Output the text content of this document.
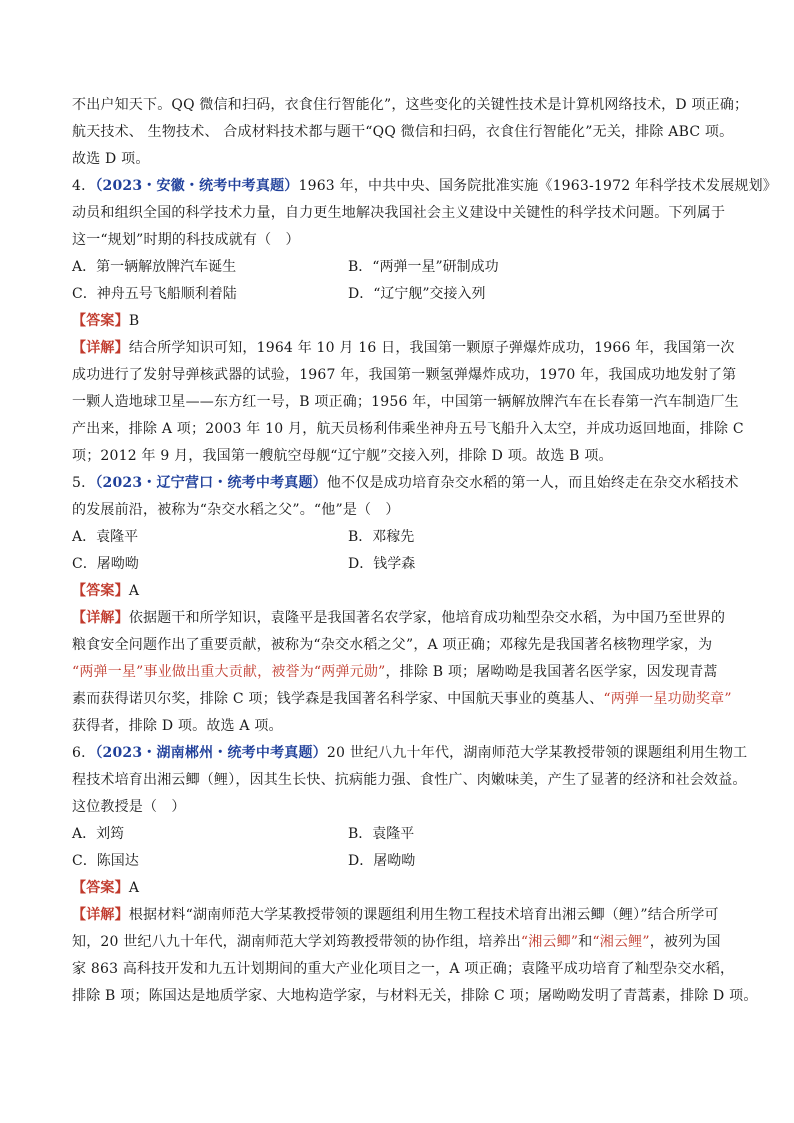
不出户知天下。QQ 微信和扫码，衣食住行智能化”，这些变化的关键性技术是计算机网络技术，D 项正确；
航天技术、 生物技术、 合成材料技术都与题干“QQ 微信和扫码，衣食住行智能化”无关，排除 ABC 项。
故选 D 项。
4．（2023・安徽・统考中考真题）1963 年，中共中央、国务院批准实施《1963-1972 年科学技术发展规划》
动员和组织全国的科学技术力量，自力更生地解决我国社会主义建设中关键性的科学技术问题。下列属于
这一“规划”时期的科技成就有（　）
A．第一辆解放牌汽车诞生	B．“两弹一星”研制成功
C．神舟五号飞船顺利着陆	D．“辽宁舰”交接入列
【答案】B
【详解】结合所学知识可知，1964 年 10 月 16 日，我国第一颗原子弹爆炸成功，1966 年，我国第一次
成功进行了发射导弹核武器的试验，1967 年，我国第一颗氢弹爆炸成功，1970 年，我国成功地发射了第
一颗人造地球卫星——东方红一号，B 项正确；1956 年，中国第一辆解放牌汽车在长春第一汽车制造厂生
产出来，排除 A 项；2003 年 10 月，航天员杨利伟乘坐神舟五号飞船升入太空，并成功返回地面，排除 C
项；2012 年 9 月，我国第一艘航空母舰“辽宁舰”交接入列，排除 D 项。故选 B 项。
5．（2023・辽宁营口・统考中考真题）他不仅是成功培育杂交水稻的第一人，而且始终走在杂交水稻技术
的发展前沿，被称为“杂交水稻之父”。“他”是（　）
A．袁隆平	B．邓稼先
C．屠呦呦	D．钱学森
【答案】A
【详解】依据题干和所学知识，袁隆平是我国著名农学家，他培育成功籼型杂交水稻，为中国乃至世界的
粮食安全问题作出了重要贡献，被称为“杂交水稻之父”，A 项正确；邓稼先是我国著名核物理学家，为
“两弹一星”事业做出重大贡献，被誉为“两弹元勋”，排除 B 项；屠呦呦是我国著名医学家，因发现青蒿
素而获得诺贝尔奖，排除 C 项；钱学森是我国著名科学家、中国航天事业的奠基人、“两弹一星功勋奖章”
获得者，排除 D 项。故选 A 项。
6．（2023・湖南郴州・统考中考真题）20 世纪八九十年代，湖南师范大学某教授带领的课题组利用生物工
程技术培育出湘云鲫（鲤），因其生长快、抗病能力强、食性广、肉嫩味美，产生了显著的经济和社会效益。
这位教授是（　）
A．刘筠	B．袁隆平
C．陈国达	D．屠呦呦
【答案】A
【详解】根据材料“湖南师范大学某教授带领的课题组利用生物工程技术培育出湘云鲫（鲤）”结合所学可
知，20 世纪八九十年代，湖南师范大学刘筠教授带领的协作组，培养出“湘云鲫”和“湘云鲤”，被列为国
家 863 高科技开发和九五计划期间的重大产业化项目之一，A 项正确；袁隆平成功培育了籼型杂交水稻，
排除 B 项；陈国达是地质学家、大地构造学家，与材料无关，排除 C 项；屠呦呦发明了青蒿素，排除 D 项。
